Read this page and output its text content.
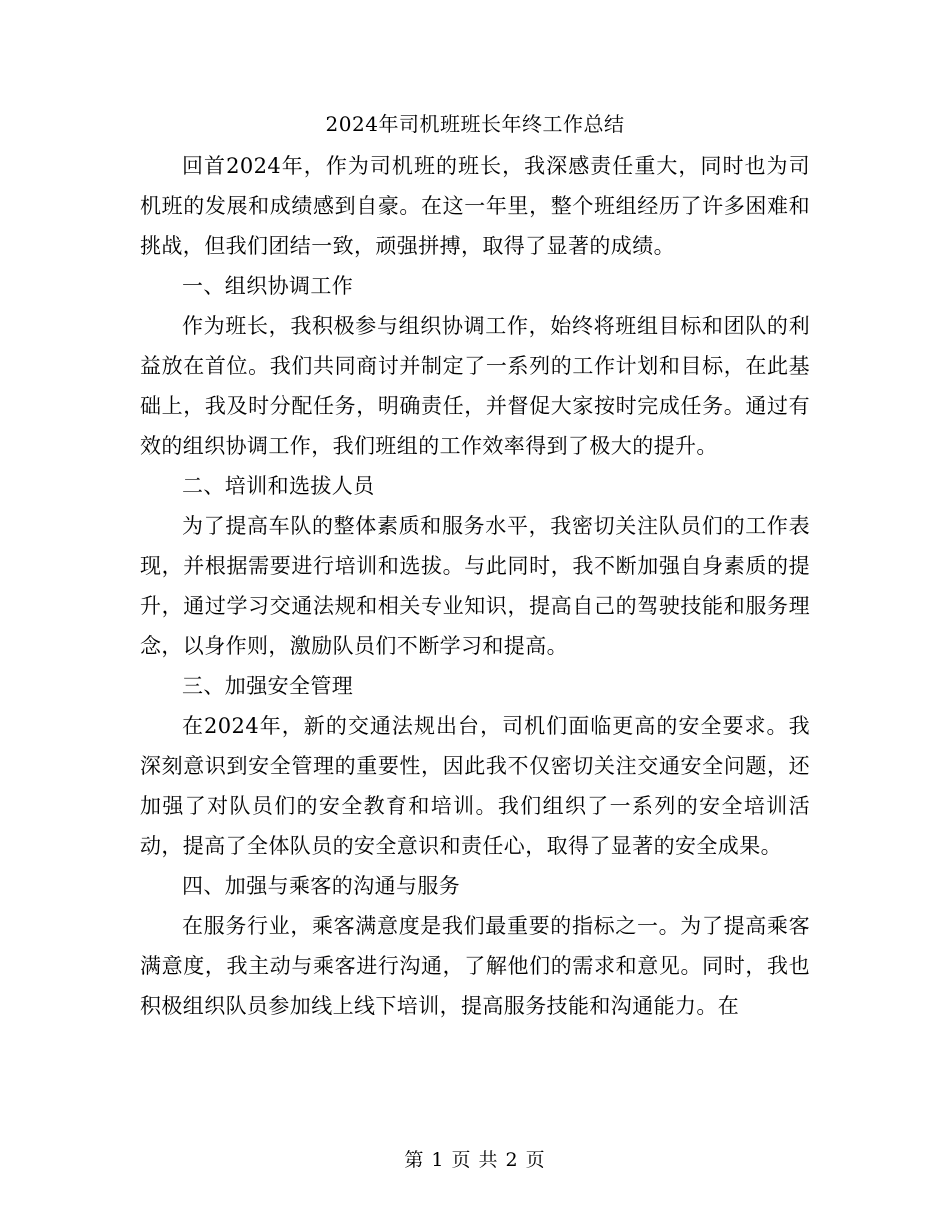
2024年司机班班长年终工作总结

回首2024年，作为司机班的班长，我深感责任重大，同时也为司机班的发展和成绩感到自豪。在这一年里，整个班组经历了许多困难和挑战，但我们团结一致，顽强拼搏，取得了显著的成绩。

一、组织协调工作

作为班长，我积极参与组织协调工作，始终将班组目标和团队的利益放在首位。我们共同商讨并制定了一系列的工作计划和目标，在此基础上，我及时分配任务，明确责任，并督促大家按时完成任务。通过有效的组织协调工作，我们班组的工作效率得到了极大的提升。

二、培训和选拔人员

为了提高车队的整体素质和服务水平，我密切关注队员们的工作表现，并根据需要进行培训和选拔。与此同时，我不断加强自身素质的提升，通过学习交通法规和相关专业知识，提高自己的驾驶技能和服务理念，以身作则，激励队员们不断学习和提高。

三、加强安全管理

在2024年，新的交通法规出台，司机们面临更高的安全要求。我深刻意识到安全管理的重要性，因此我不仅密切关注交通安全问题，还加强了对队员们的安全教育和培训。我们组织了一系列的安全培训活动，提高了全体队员的安全意识和责任心，取得了显著的安全成果。

四、加强与乘客的沟通与服务

在服务行业，乘客满意度是我们最重要的指标之一。为了提高乘客满意度，我主动与乘客进行沟通，了解他们的需求和意见。同时，我也积极组织队员参加线上线下培训，提高服务技能和沟通能力。在

第 1 页 共 2 页
